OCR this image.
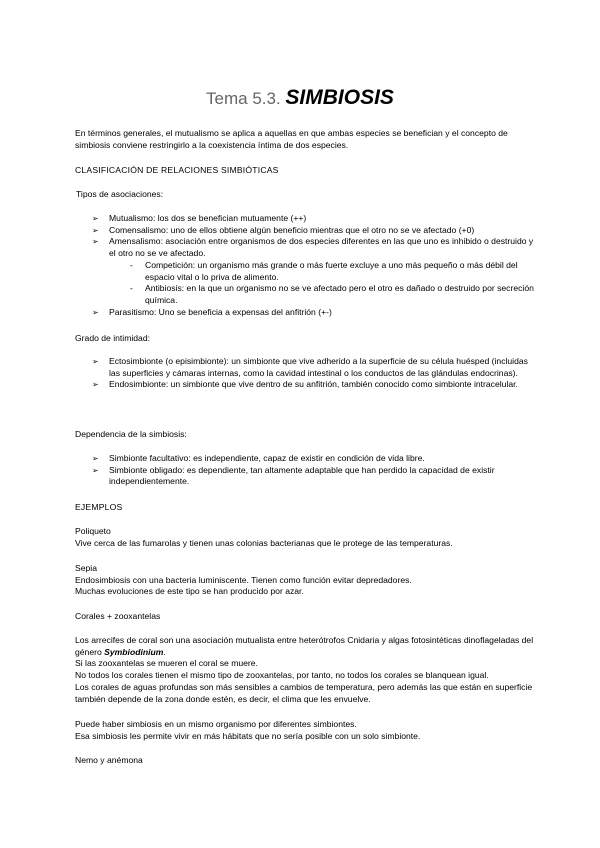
Tema 5.3. SIMBIOSIS

En términos generales, el mutualismo se aplica a aquellas en que ambas especies se benefician y el concepto de simbiosis conviene restringirlo a la coexistencia íntima de dos especies.

CLASIFICACIÓN DE RELACIONES SIMBIÓTICAS

Tipos de asociaciones:

➢ Mutualismo: los dos se benefician mutuamente (++)
➢ Comensalismo: uno de ellos obtiene algún beneficio mientras que el otro no se ve afectado (+0)
➢ Amensalismo: asociación entre organismos de dos especies diferentes en las que uno es inhibido o destruido y el otro no se ve afectado.
- Competición: un organismo más grande o más fuerte excluye a uno más pequeño o más débil del espacio vital o lo priva de alimento.
- Antibiosis: en la que un organismo no se ve afectado pero el otro es dañado o destruido por secreción química.
➢ Parasitismo: Uno se beneficia a expensas del anfitrión (+-)

Grado de intimidad:

➢ Ectosimbionte (o episimbionte): un simbionte que vive adherido a la superficie de su célula huésped (incluidas las superficies y cámaras internas, como la cavidad intestinal o los conductos de las glándulas endocrinas).
➢ Endosimbionte: un simbionte que vive dentro de su anfitrión, también conocido como simbionte intracelular.

Dependencia de la simbiosis:

➢ Simbionte facultativo: es independiente, capaz de existir en condición de vida libre.
➢ Simbionte obligado: es dependiente, tan altamente adaptable que han perdido la capacidad de existir independientemente.

EJEMPLOS

Poliqueto
Vive cerca de las fumarolas y tienen unas colonias bacterianas que le protege de las temperaturas.
Sepia
Endosimbiosis con una bacteria luminiscente. Tienen como función evitar depredadores.
Muchas evoluciones de este tipo se han producido por azar.

Corales + zooxantelas

Los arrecifes de coral son una asociación mutualista entre heterótrofos Cnidaria y algas fotosintéticas dinoflageladas del género Symbiodinium.
Si las zooxantelas se mueren el coral se muere.
No todos los corales tienen el mismo tipo de zooxantelas, por tanto, no todos los corales se blanquean igual.
Los corales de aguas profundas son más sensibles a cambios de temperatura, pero además las que están en superficie también depende de la zona donde estén, es decir, el clima que les envuelve.
Puede haber simbiosis en un mismo organismo por diferentes simbiontes.
Esa simbiosis les permite vivir en más hábitats que no sería posible con un solo simbionte.

Nemo y anémona
